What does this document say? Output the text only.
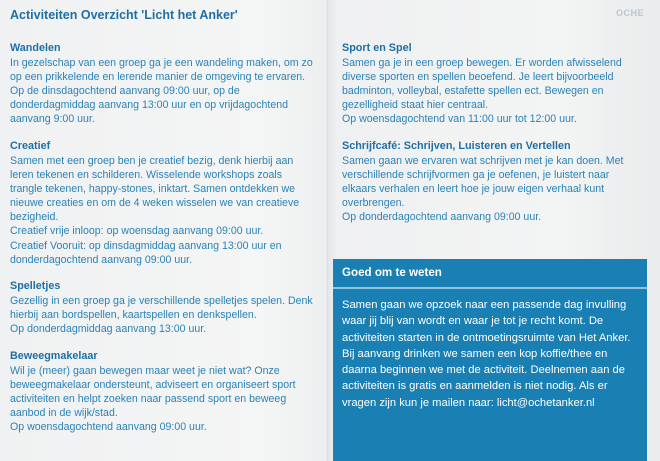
Activiteiten Overzicht 'Licht het Anker'	OCHE
Wandelen

In gezelschap van een groep ga je een wandeling maken, om zo
op een prikkelende en lerende manier de omgeving te ervaren.
Op de dinsdagochtend aanvang 09:00 uur, op de
donderdagmiddag aanvang 13:00 uur en op vrijdagochtend
aanvang 9:00 uur.

Creatief

Samen met een groep ben je creatief bezig, denk hierbij aan
leren tekenen en schilderen. Wisselende workshops zoals
trangle tekenen, happy-stones, inktart. Samen ontdekken we
nieuwe creaties en om de 4 weken wisselen we van creatieve
bezigheid.
Creatief vrije inloop: op woensdag aanvang 09:00 uur.
Creatief Vooruit: op dinsdagmiddag aanvang 13:00 uur en
donderdagochtend aanvang 09:00 uur.

Spelletjes

Gezellig in een groep ga je verschillende spelletjes spelen. Denk
hierbij aan bordspellen, kaartspellen en denkspellen.
Op donderdagmiddag aanvang 13:00 uur.

Beweegmakelaar

Wil je (meer) gaan bewegen maar weet je niet wat? Onze
beweegmakelaar ondersteunt, adviseert en organiseert sport
activiteiten en helpt zoeken naar passend sport en beweeg
aanbod in de wijk/stad.
Op woensdagochtend aanvang 09:00 uur.

Sport en Spel

Samen ga je in een groep bewegen. Er worden afwisselend
diverse sporten en spellen beoefend. Je leert bijvoorbeeld
badminton, volleybal, estafette spellen ect. Bewegen en
gezelligheid staat hier centraal.
Op woensdagochtend van 11:00 uur tot 12:00 uur.

Schrijfcafé: Schrijven, Luisteren en Vertellen

Samen gaan we ervaren wat schrijven met je kan doen. Met
verschillende schrijfvormen ga je oefenen, je luistert naar
elkaars verhalen en leert hoe je jouw eigen verhaal kunt
overbrengen.
Op donderdagochtend aanvang 09:00 uur.

Goed om te weten

Samen gaan we opzoek naar een passende dag invulling
waar jij blij van wordt en waar je tot je recht komt. De
activiteiten starten in de ontmoetingsruimte van Het Anker.
Bij aanvang drinken we samen een kop koffie/thee en
daarna beginnen we met de activiteit. Deelnemen aan de
activiteiten is gratis en aanmelden is niet nodig. Als er
vragen zijn kun je mailen naar: licht@ochetanker.nl
